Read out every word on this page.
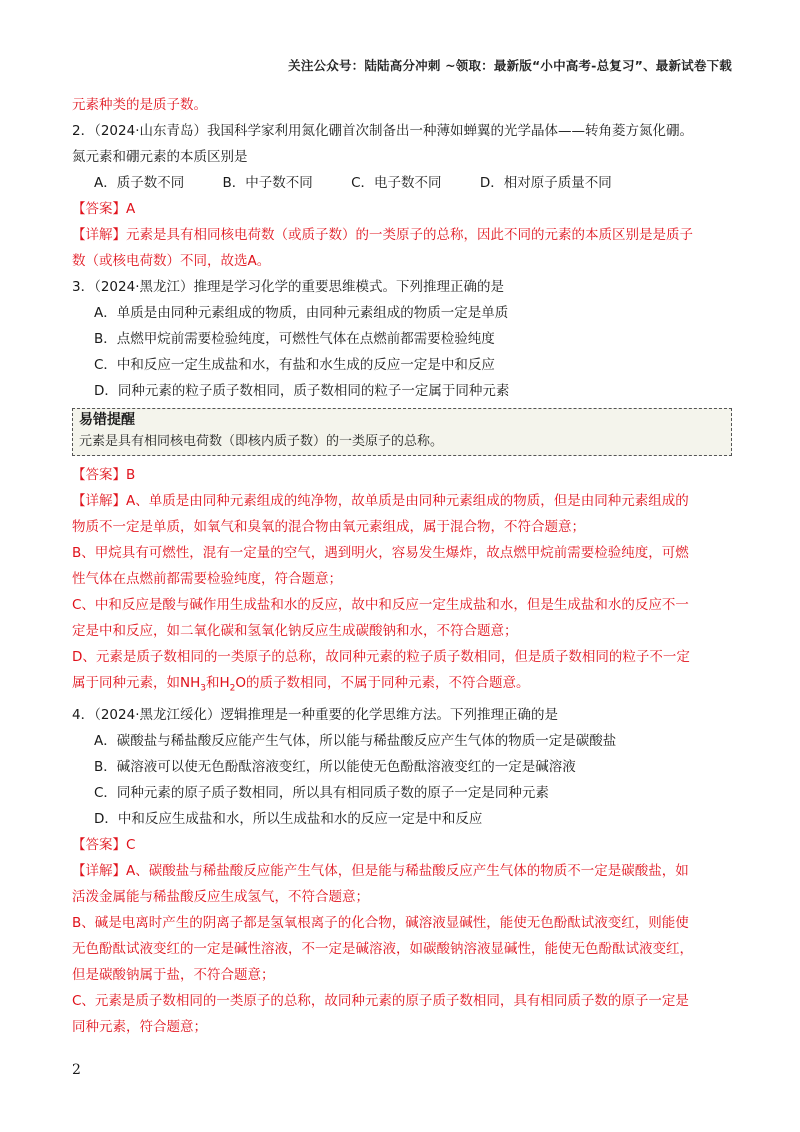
关注公众号：陆陆高分冲刺 ~领取：最新版“小中高考-总复习”、最新试卷下载

元素种类的是质子数。

2．（2024·山东青岛）我国科学家利用氮化硼首次制备出一种薄如蝉翼的光学晶体——转角菱方氮化硼。

氮元素和硼元素的本质区别是

A．质子数不同	B．中子数不同	C．电子数不同	D．相对原子质量不同

【答案】A

【详解】元素是具有相同核电荷数（或质子数）的一类原子的总称，因此不同的元素的本质区别是是质子

数（或核电荷数）不同，故选A。

3．（2024·黑龙江）推理是学习化学的重要思维模式。下列推理正确的是

A．单质是由同种元素组成的物质，由同种元素组成的物质一定是单质

B．点燃甲烷前需要检验纯度，可燃性气体在点燃前都需要检验纯度

C．中和反应一定生成盐和水，有盐和水生成的反应一定是中和反应

D．同种元素的粒子质子数相同，质子数相同的粒子一定属于同种元素

易错提醒
元素是具有相同核电荷数（即核内质子数）的一类原子的总称。

【答案】B

【详解】A、单质是由同种元素组成的纯净物，故单质是由同种元素组成的物质，但是由同种元素组成的

物质不一定是单质，如氧气和臭氧的混合物由氧元素组成，属于混合物，不符合题意；

B、甲烷具有可燃性，混有一定量的空气，遇到明火，容易发生爆炸，故点燃甲烷前需要检验纯度，可燃

性气体在点燃前都需要检验纯度，符合题意；

C、中和反应是酸与碱作用生成盐和水的反应，故中和反应一定生成盐和水，但是生成盐和水的反应不一

定是中和反应，如二氧化碳和氢氧化钠反应生成碳酸钠和水，不符合题意；

D、元素是质子数相同的一类原子的总称，故同种元素的粒子质子数相同，但是质子数相同的粒子不一定

属于同种元素，如$NH_3$和$H_2O$的质子数相同，不属于同种元素，不符合题意。

4．（2024·黑龙江绥化）逻辑推理是一种重要的化学思维方法。下列推理正确的是

A．碳酸盐与稀盐酸反应能产生气体，所以能与稀盐酸反应产生气体的物质一定是碳酸盐

B．碱溶液可以使无色酚酞溶液变红，所以能使无色酚酞溶液变红的一定是碱溶液

C．同种元素的原子质子数相同，所以具有相同质子数的原子一定是同种元素

D．中和反应生成盐和水，所以生成盐和水的反应一定是中和反应

【答案】C

【详解】A、碳酸盐与稀盐酸反应能产生气体，但是能与稀盐酸反应产生气体的物质不一定是碳酸盐，如

活泼金属能与稀盐酸反应生成氢气，不符合题意；

B、碱是电离时产生的阴离子都是氢氧根离子的化合物，碱溶液显碱性，能使无色酚酞试液变红，则能使

无色酚酞试液变红的一定是碱性溶液，不一定是碱溶液，如碳酸钠溶液显碱性，能使无色酚酞试液变红，

但是碳酸钠属于盐，不符合题意；

C、元素是质子数相同的一类原子的总称，故同种元素的原子质子数相同，具有相同质子数的原子一定是

同种元素，符合题意；

2
